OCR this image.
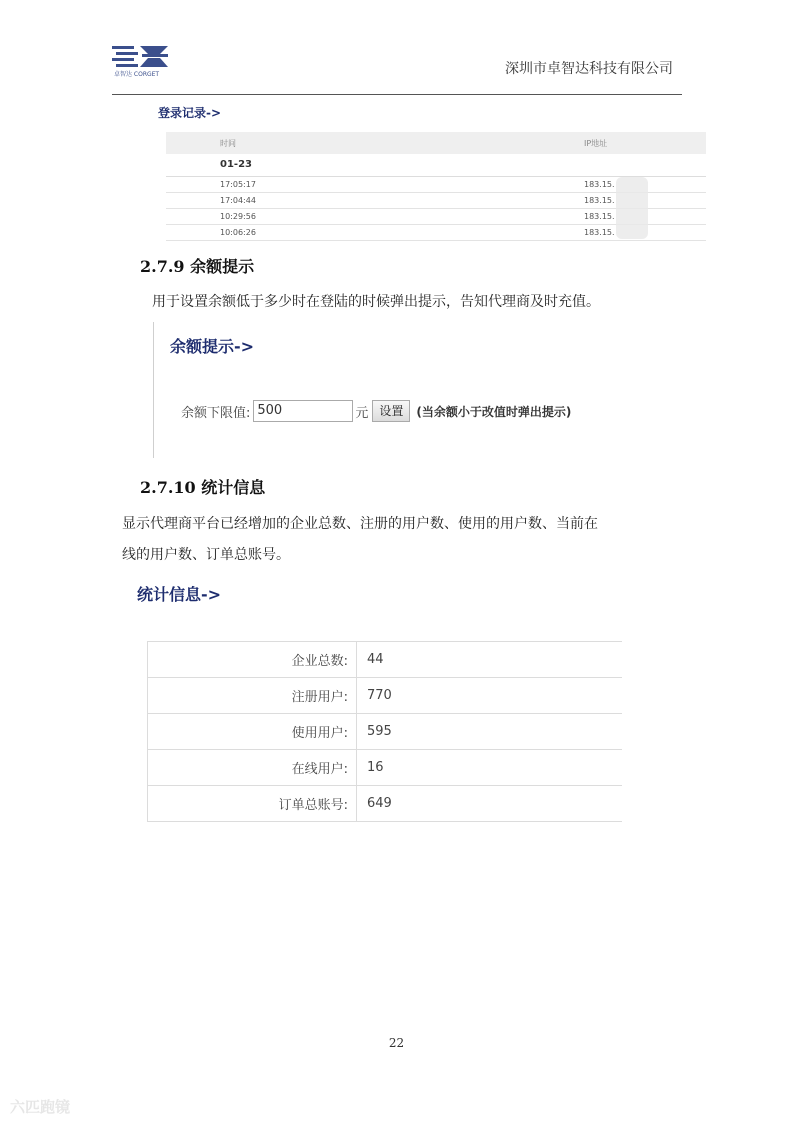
卓智达 CORGET	深圳市卓智达科技有限公司
登录记录->
时间	IP地址
01-23
17:05:17	183.15.
17:04:44	183.15.
10:29:56	183.15.
10:06:26	183.15.
2.7.9 余额提示
用于设置余额低于多少时在登陆的时候弹出提示，告知代理商及时充值。
余额提示->
余额下限值: 500	元 设置	(当余额小于改值时弹出提示)
2.7.10 统计信息
显示代理商平台已经增加的企业总数、注册的用户数、使用的用户数、当前在
线的用户数、订单总账号。
统计信息->
企业总数:	44
注册用户:	770
使用用户:	595
在线用户:	16
订单总账号:	649
22
六匹跑镜
